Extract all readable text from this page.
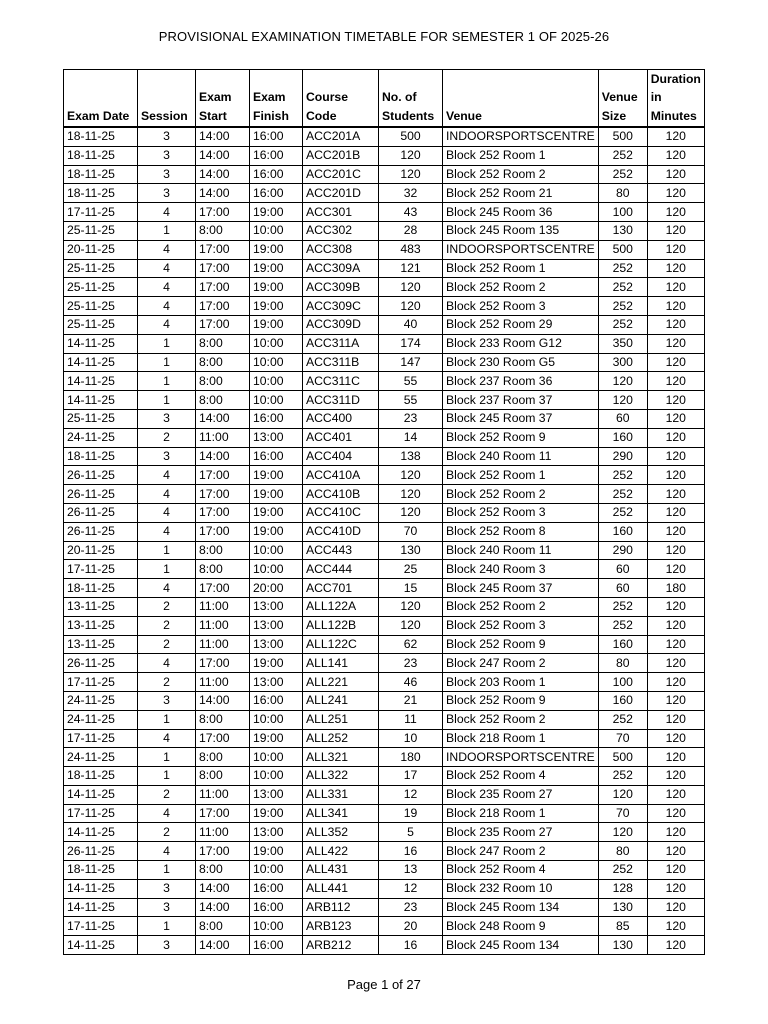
PROVISIONAL EXAMINATION TIMETABLE FOR SEMESTER 1 OF 2025-26
Exam Date	Session	Exam Start	Exam Finish	Course Code	No. of Students	Venue	Venue Size	Duration in Minutes
18-11-25	3	14:00	16:00	ACC201A	500	INDOORSPORTSCENTRE	500	120
18-11-25	3	14:00	16:00	ACC201B	120	Block 252 Room 1	252	120
18-11-25	3	14:00	16:00	ACC201C	120	Block 252 Room 2	252	120
18-11-25	3	14:00	16:00	ACC201D	32	Block 252 Room 21	80	120
17-11-25	4	17:00	19:00	ACC301	43	Block 245 Room 36	100	120
25-11-25	1	8:00	10:00	ACC302	28	Block 245 Room 135	130	120
20-11-25	4	17:00	19:00	ACC308	483	INDOORSPORTSCENTRE	500	120
25-11-25	4	17:00	19:00	ACC309A	121	Block 252 Room 1	252	120
25-11-25	4	17:00	19:00	ACC309B	120	Block 252 Room 2	252	120
25-11-25	4	17:00	19:00	ACC309C	120	Block 252 Room 3	252	120
25-11-25	4	17:00	19:00	ACC309D	40	Block 252 Room 29	252	120
14-11-25	1	8:00	10:00	ACC311A	174	Block 233 Room G12	350	120
14-11-25	1	8:00	10:00	ACC311B	147	Block 230 Room G5	300	120
14-11-25	1	8:00	10:00	ACC311C	55	Block 237 Room 36	120	120
14-11-25	1	8:00	10:00	ACC311D	55	Block 237 Room 37	120	120
25-11-25	3	14:00	16:00	ACC400	23	Block 245 Room 37	60	120
24-11-25	2	11:00	13:00	ACC401	14	Block 252 Room 9	160	120
18-11-25	3	14:00	16:00	ACC404	138	Block 240 Room 11	290	120
26-11-25	4	17:00	19:00	ACC410A	120	Block 252 Room 1	252	120
26-11-25	4	17:00	19:00	ACC410B	120	Block 252 Room 2	252	120
26-11-25	4	17:00	19:00	ACC410C	120	Block 252 Room 3	252	120
26-11-25	4	17:00	19:00	ACC410D	70	Block 252 Room 8	160	120
20-11-25	1	8:00	10:00	ACC443	130	Block 240 Room 11	290	120
17-11-25	1	8:00	10:00	ACC444	25	Block 240 Room 3	60	120
18-11-25	4	17:00	20:00	ACC701	15	Block 245 Room 37	60	180
13-11-25	2	11:00	13:00	ALL122A	120	Block 252 Room 2	252	120
13-11-25	2	11:00	13:00	ALL122B	120	Block 252 Room 3	252	120
13-11-25	2	11:00	13:00	ALL122C	62	Block 252 Room 9	160	120
26-11-25	4	17:00	19:00	ALL141	23	Block 247 Room 2	80	120
17-11-25	2	11:00	13:00	ALL221	46	Block 203 Room 1	100	120
24-11-25	3	14:00	16:00	ALL241	21	Block 252 Room 9	160	120
24-11-25	1	8:00	10:00	ALL251	11	Block 252 Room 2	252	120
17-11-25	4	17:00	19:00	ALL252	10	Block 218 Room 1	70	120
24-11-25	1	8:00	10:00	ALL321	180	INDOORSPORTSCENTRE	500	120
18-11-25	1	8:00	10:00	ALL322	17	Block 252 Room 4	252	120
14-11-25	2	11:00	13:00	ALL331	12	Block 235 Room 27	120	120
17-11-25	4	17:00	19:00	ALL341	19	Block 218 Room 1	70	120
14-11-25	2	11:00	13:00	ALL352	5	Block 235 Room 27	120	120
26-11-25	4	17:00	19:00	ALL422	16	Block 247 Room 2	80	120
18-11-25	1	8:00	10:00	ALL431	13	Block 252 Room 4	252	120
14-11-25	3	14:00	16:00	ALL441	12	Block 232 Room 10	128	120
14-11-25	3	14:00	16:00	ARB112	23	Block 245 Room 134	130	120
17-11-25	1	8:00	10:00	ARB123	20	Block 248 Room 9	85	120
14-11-25	3	14:00	16:00	ARB212	16	Block 245 Room 134	130	120
Page 1 of 27
